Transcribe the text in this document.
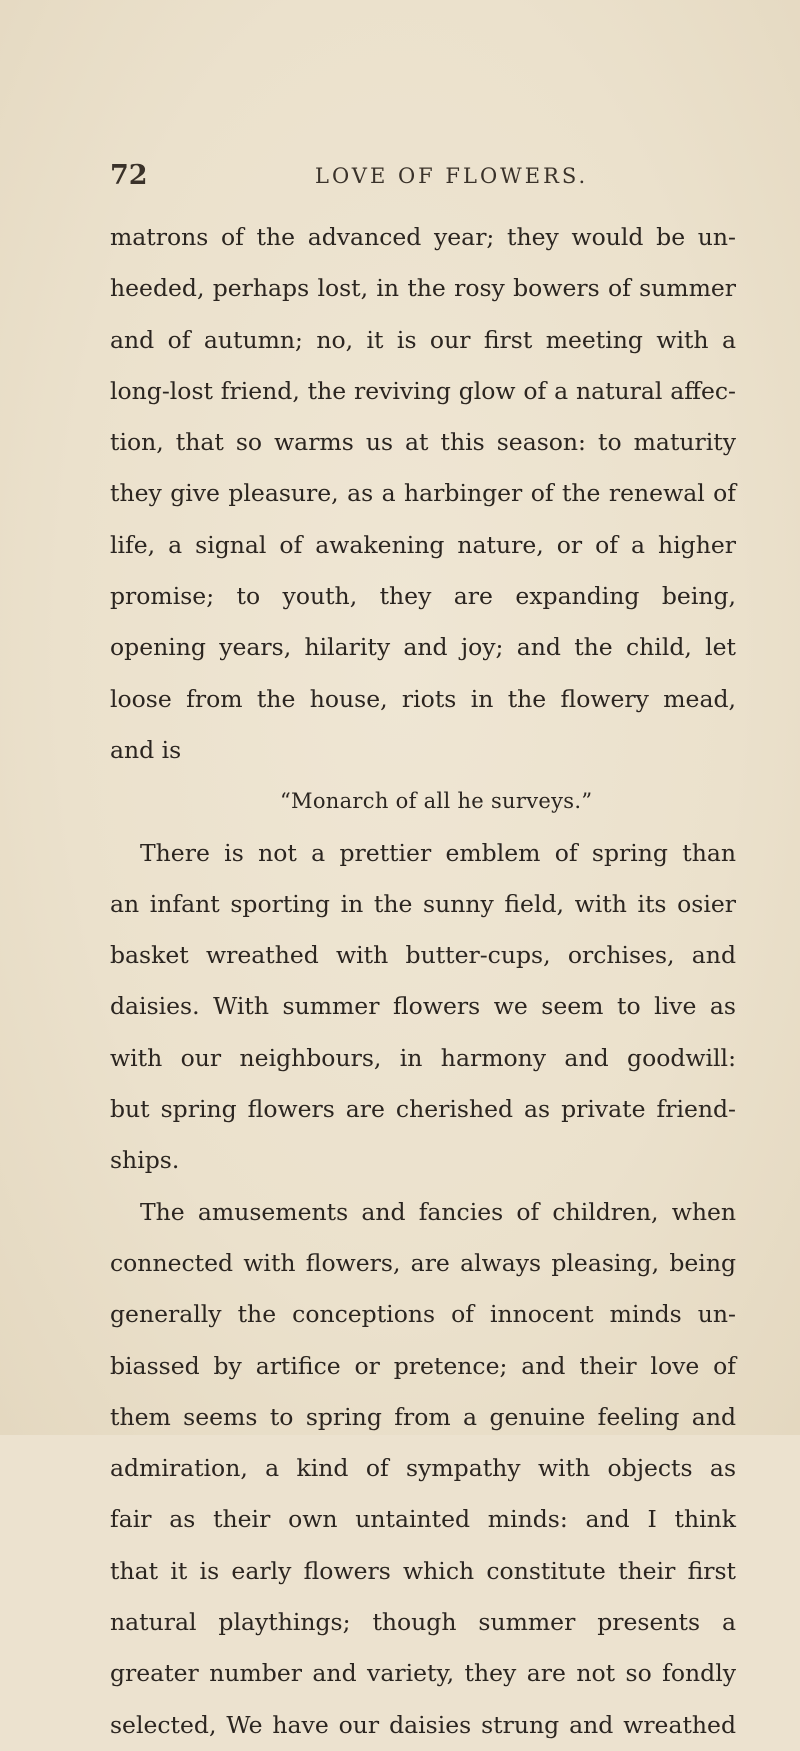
72	LOVE OF FLOWERS.
matrons of the advanced year; they would be un-
heeded, perhaps lost, in the rosy bowers of summer
and of autumn; no, it is our first meeting with a
long-lost friend, the reviving glow of a natural affec-
tion, that so warms us at this season: to maturity
they give pleasure, as a harbinger of the renewal of
life, a signal of awakening nature, or of a higher
promise; to youth, they are expanding being,
opening years, hilarity and joy; and the child, let
loose from the house, riots in the flowery mead,
and is
“Monarch of all he surveys.”
There is not a prettier emblem of spring than
an infant sporting in the sunny field, with its osier
basket wreathed with butter-cups, orchises, and
daisies. With summer flowers we seem to live as
with our neighbours, in harmony and goodwill:
but spring flowers are cherished as private friend-
ships.
The amusements and fancies of children, when
connected with flowers, are always pleasing, being
generally the conceptions of innocent minds un-
biassed by artifice or pretence; and their love of
them seems to spring from a genuine feeling and
admiration, a kind of sympathy with objects as
fair as their own untainted minds: and I think
that it is early flowers which constitute their first
natural playthings; though summer presents a
greater number and variety, they are not so fondly
selected, We have our daisies strung and wreathed
